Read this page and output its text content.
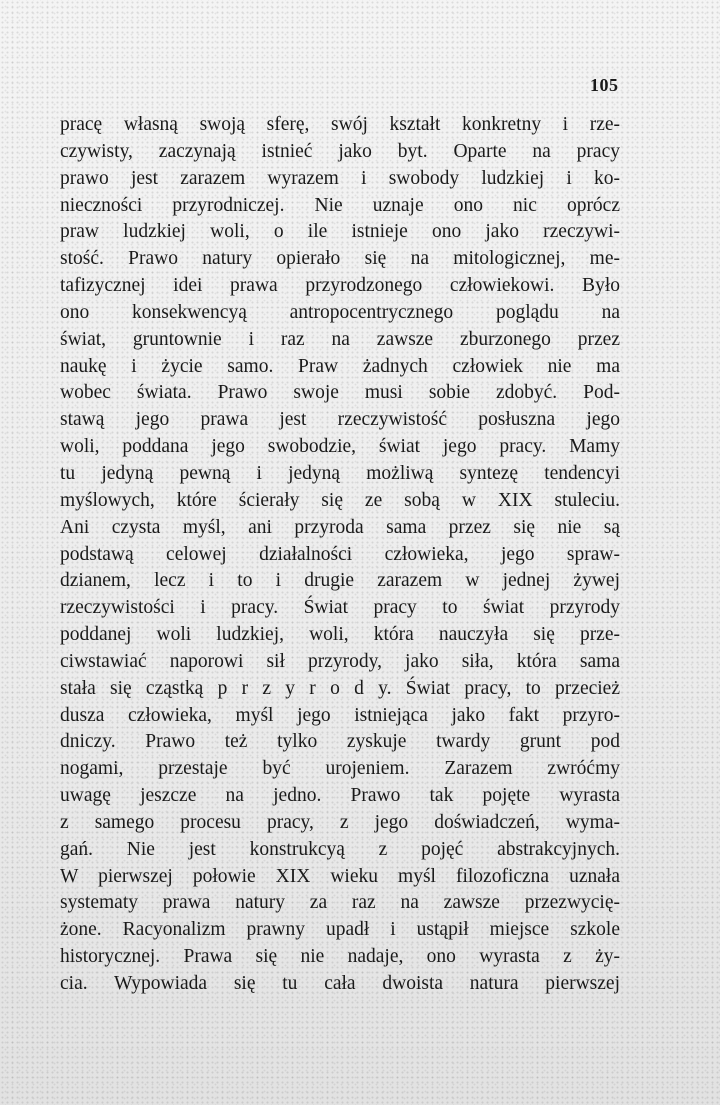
105
pracę własną swoją sferę, swój kształt konkretny i rze-
czywisty, zaczynają istnieć jako byt. Oparte na pracy
prawo jest zarazem wyrazem i swobody ludzkiej i ko-
nieczności przyrodniczej. Nie uznaje ono nic oprócz
praw ludzkiej woli, o ile istnieje ono jako rzeczywi-
stość. Prawo natury opierało się na mitologicznej, me-
tafizycznej idei prawa przyrodzonego człowiekowi. Było
ono konsekwencyą antropocentrycznego poglądu na
świat, gruntownie i raz na zawsze zburzonego przez
naukę i życie samo. Praw żadnych człowiek nie ma
wobec świata. Prawo swoje musi sobie zdobyć. Pod-
stawą jego prawa jest rzeczywistość posłuszna jego
woli, poddana jego swobodzie, świat jego pracy. Mamy
tu jedyną pewną i jedyną możliwą syntezę tendencyi
myślowych, które ścierały się ze sobą w XIX stuleciu.
Ani czysta myśl, ani przyroda sama przez się nie są
podstawą celowej działalności człowieka, jego spraw-
dzianem, lecz i to i drugie zarazem w jednej żywej
rzeczywistości i pracy. Świat pracy to świat przyrody
poddanej woli ludzkiej, woli, która nauczyła się prze-
ciwstawiać naporowi sił przyrody, jako siła, która sama
stała się cząstką p r z y r o d y. Świat pracy, to przecież
dusza człowieka, myśl jego istniejąca jako fakt przyro-
dniczy. Prawo też tylko zyskuje twardy grunt pod
nogami, przestaje być urojeniem. Zarazem zwróćmy
uwagę jeszcze na jedno. Prawo tak pojęte wyrasta
z samego procesu pracy, z jego doświadczeń, wyma-
gań. Nie jest konstrukcyą z pojęć abstrakcyjnych.
W pierwszej połowie XIX wieku myśl filozoficzna uznała
systematy prawa natury za raz na zawsze przezwycię-
żone. Racyonalizm prawny upadł i ustąpił miejsce szkole
historycznej. Prawa się nie nadaje, ono wyrasta z ży-
cia. Wypowiada się tu cała dwoista natura pierwszej
